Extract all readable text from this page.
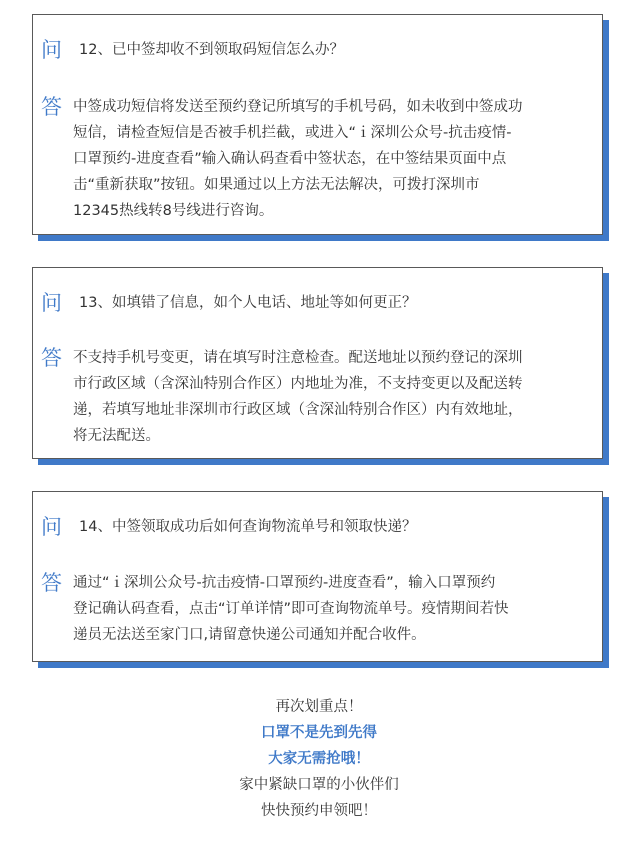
问 12、已中签却收不到领取码短信怎么办？
答 中签成功短信将发送至预约登记所填写的手机号码，如未收到中签成功
短信，请检查短信是否被手机拦截，或进入“ｉ深圳公众号-抗击疫情-
口罩预约-进度查看”输入确认码查看中签状态，在中签结果页面中点
击“重新获取”按钮。如果通过以上方法无法解决，可拨打深圳市
12345热线转8号线进行咨询。
问 13、如填错了信息，如个人电话、地址等如何更正？
答 不支持手机号变更，请在填写时注意检查。配送地址以预约登记的深圳
市行政区域（含深汕特别合作区）内地址为准，不支持变更以及配送转
递，若填写地址非深圳市行政区域（含深汕特别合作区）内有效地址，
将无法配送。
问 14、中签领取成功后如何查询物流单号和领取快递？
答 通过“ｉ深圳公众号-抗击疫情-口罩预约-进度查看”，输入口罩预约
登记确认码查看，点击“订单详情”即可查询物流单号。疫情期间若快
递员无法送至家门口,请留意快递公司通知并配合收件。
再次划重点！
口罩不是先到先得
大家无需抢哦！
家中紧缺口罩的小伙伴们
快快预约申领吧！
